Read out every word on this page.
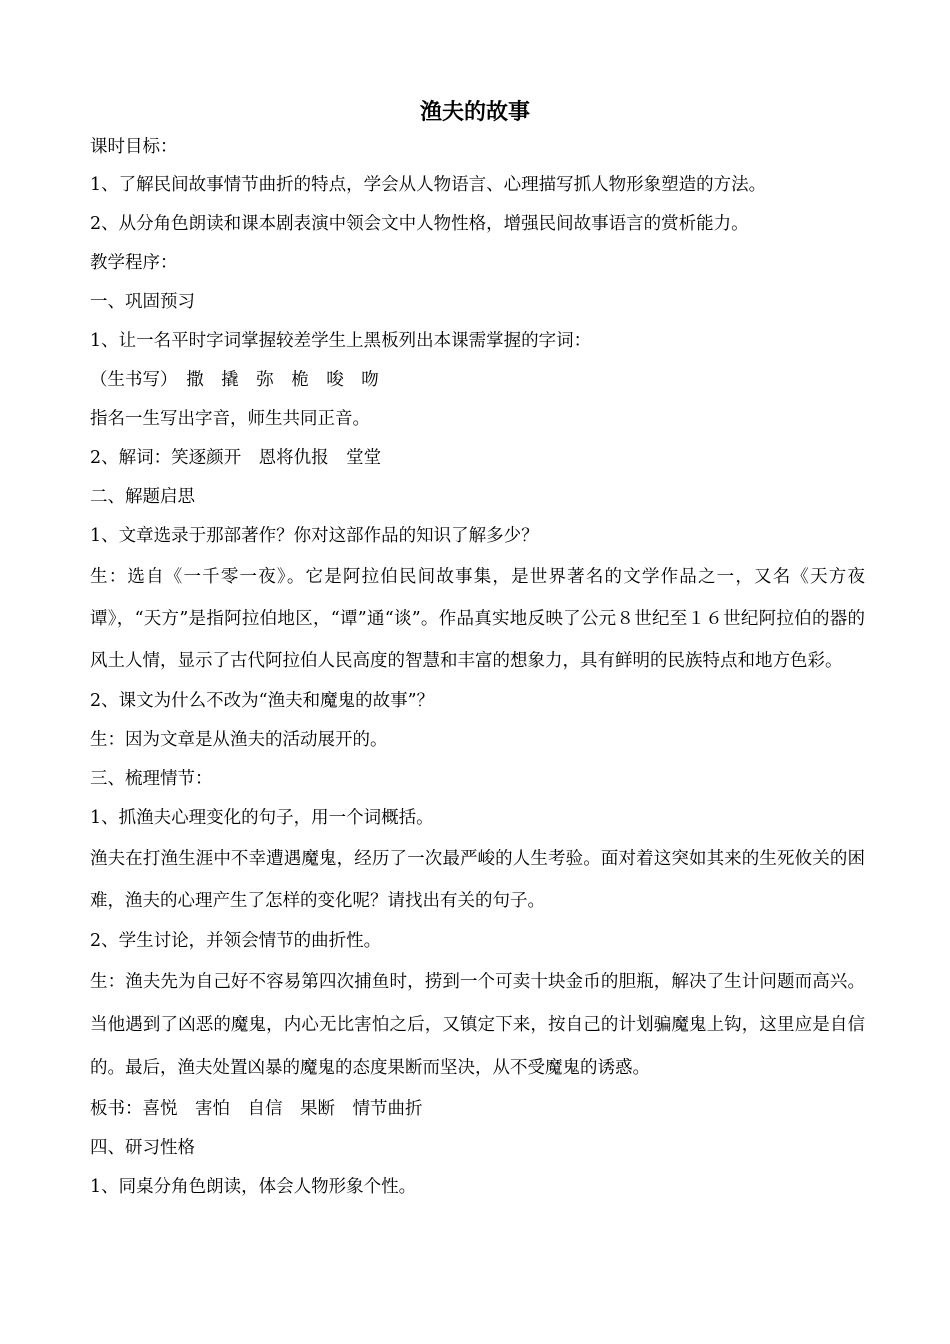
渔夫的故事

课时目标：

1、了解民间故事情节曲折的特点，学会从人物语言、心理描写抓人物形象塑造的方法。

2、从分角色朗读和课本剧表演中领会文中人物性格，增强民间故事语言的赏析能力。

教学程序：

一、巩固预习

1、让一名平时字词掌握较差学生上黑板列出本课需掌握的字词：

（生书写）　撒　撬　弥　桅　唆　吻

指名一生写出字音，师生共同正音。

2、解词：笑逐颜开　恩将仇报　堂堂

二、解题启思

1、文章选录于那部著作？你对这部作品的知识了解多少？

生：选自《一千零一夜》。它是阿拉伯民间故事集，是世界著名的文学作品之一，又名《天方夜谭》，“天方”是指阿拉伯地区，“谭”通“谈”。作品真实地反映了公元８世纪至１６世纪阿拉伯的器的风土人情，显示了古代阿拉伯人民高度的智慧和丰富的想象力，具有鲜明的民族特点和地方色彩。

2、课文为什么不改为“渔夫和魔鬼的故事”？

生：因为文章是从渔夫的活动展开的。

三、梳理情节：

1、抓渔夫心理变化的句子，用一个词概括。

渔夫在打渔生涯中不幸遭遇魔鬼，经历了一次最严峻的人生考验。面对着这突如其来的生死攸关的困难，渔夫的心理产生了怎样的变化呢？请找出有关的句子。

2、学生讨论，并领会情节的曲折性。

生：渔夫先为自己好不容易第四次捕鱼时，捞到一个可卖十块金币的胆瓶，解决了生计问题而高兴。当他遇到了凶恶的魔鬼，内心无比害怕之后，又镇定下来，按自己的计划骗魔鬼上钩，这里应是自信的。最后，渔夫处置凶暴的魔鬼的态度果断而坚决，从不受魔鬼的诱惑。

板书：喜悦　害怕　自信　果断　情节曲折

四、研习性格

1、同桌分角色朗读，体会人物形象个性。
